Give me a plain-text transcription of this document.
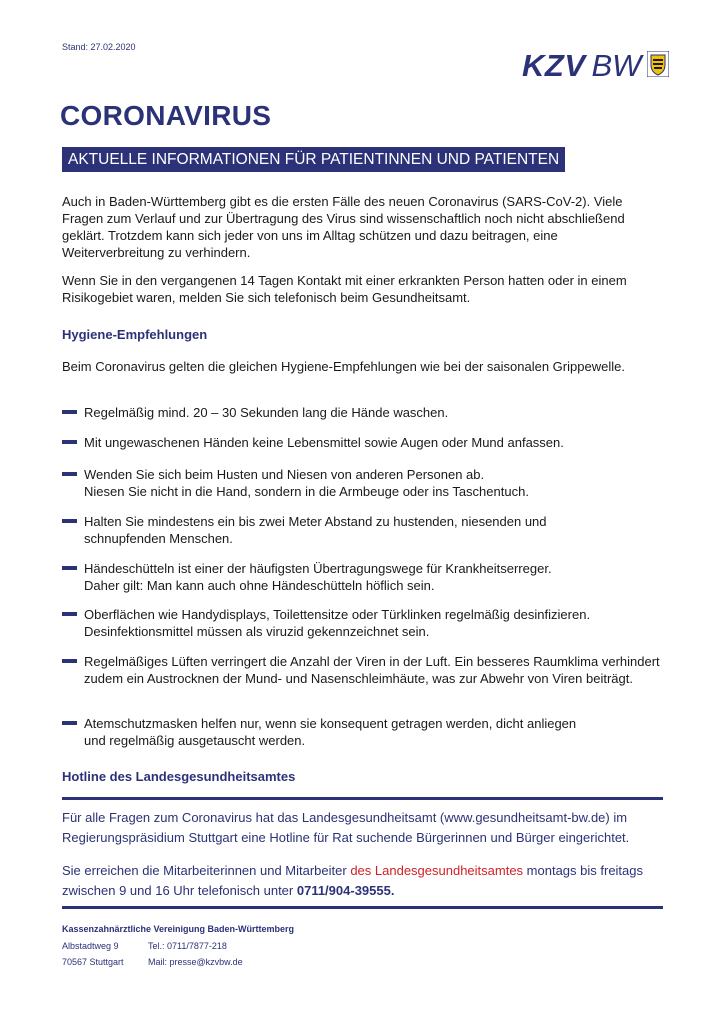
Stand: 27.02.2020
KZV BW
CORONAVIRUS
AKTUELLE INFORMATIONEN FÜR PATIENTINNEN UND PATIENTEN
Auch in Baden-Württemberg gibt es die ersten Fälle des neuen Coronavirus (SARS-CoV-2). Viele Fragen zum Verlauf und zur Übertragung des Virus sind wissenschaftlich noch nicht abschließend geklärt. Trotzdem kann sich jeder von uns im Alltag schützen und dazu beitragen, eine Weiterverbreitung zu verhindern.
Wenn Sie in den vergangenen 14 Tagen Kontakt mit einer erkrankten Person hatten oder in einem Risikogebiet waren, melden Sie sich telefonisch beim Gesundheitsamt.
Hygiene-Empfehlungen
Beim Coronavirus gelten die gleichen Hygiene-Empfehlungen wie bei der saisonalen Grippewelle.
Regelmäßig mind. 20 – 30 Sekunden lang die Hände waschen.
Mit ungewaschenen Händen keine Lebensmittel sowie Augen oder Mund anfassen.
Wenden Sie sich beim Husten und Niesen von anderen Personen ab.
Niesen Sie nicht in die Hand, sondern in die Armbeuge oder ins Taschentuch.
Halten Sie mindestens ein bis zwei Meter Abstand zu hustenden, niesenden und schnupfenden Menschen.
Händeschütteln ist einer der häufigsten Übertragungswege für Krankheitserreger.
Daher gilt: Man kann auch ohne Händeschütteln höflich sein.
Oberflächen wie Handydisplays, Toilettensitze oder Türklinken regelmäßig desinfizieren.
Desinfektionsmittel müssen als viruzid gekennzeichnet sein.
Regelmäßiges Lüften verringert die Anzahl der Viren in der Luft. Ein besseres Raumklima verhindert zudem ein Austrocknen der Mund- und Nasenschleimhäute, was zur Abwehr von Viren beiträgt.
Atemschutzmasken helfen nur, wenn sie konsequent getragen werden, dicht anliegen
und regelmäßig ausgetauscht werden.
Hotline des Landesgesundheitsamtes
Für alle Fragen zum Coronavirus hat das Landesgesundheitsamt (www.gesundheitsamt-bw.de) im Regierungspräsidium Stuttgart eine Hotline für Rat suchende Bürgerinnen und Bürger eingerichtet.
Sie erreichen die Mitarbeiterinnen und Mitarbeiter des Landesgesundheitsamtes montags bis freitags zwischen 9 und 16 Uhr telefonisch unter 0711/904-39555.
Kassenzahnärztliche Vereinigung Baden-Württemberg
Albstadtweg 9
70567 Stuttgart
Tel.: 0711/7877-218
Mail: presse@kzvbw.de
